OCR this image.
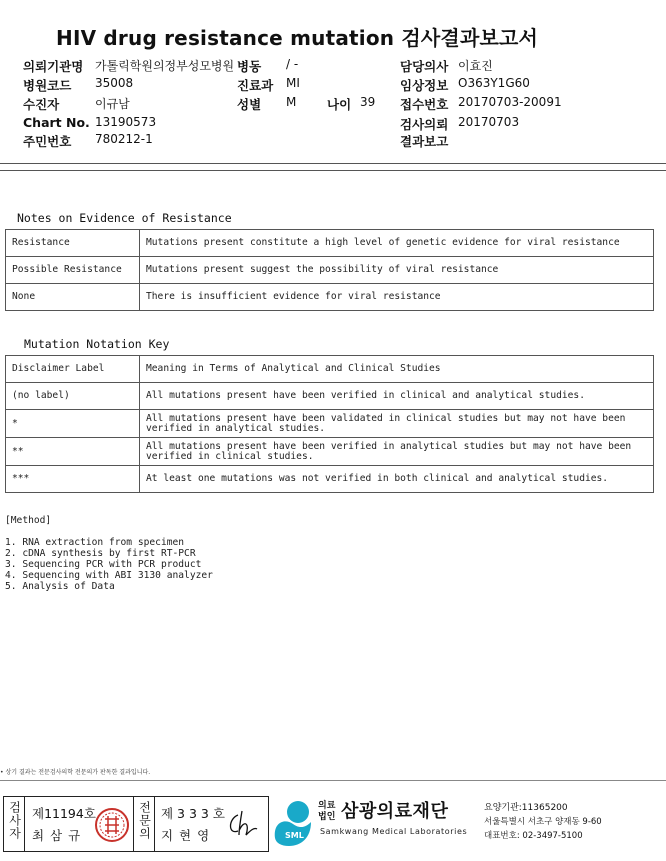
HIV drug resistance mutation 검사결과보고서
의뢰기관명 가톨릭학원의정부성모병원 병동 / -	담당의사 이효진
병원코드 35008	진료과 MI	임상정보 O363Y1G60
수진자	이규남	성별 M 나이 39 접수번호 20170703-20091
Chart No. 13190573	검사의뢰 20170703
주민번호 780212-1	결과보고
Notes on Evidence of Resistance
Resistance	Mutations present constitute a high level of genetic evidence for viral resistance
Possible Resistance	Mutations present suggest the possibility of viral resistance
None	There is insufficient evidence for viral resistance
Mutation Notation Key
Disclaimer Label	Meaning in Terms of Analytical and Clinical Studies
(no label)	All mutations present have been verified in clinical and analytical studies.
*	All mutations present have been validated in clinical studies but may not have been verified in analytical studies.
**	All mutations present have been verified in analytical studies but may not have been verified in clinical studies.
***	At least one mutations was not verified in both clinical and analytical studies.
[Method]
1. RNA extraction from specimen
2. cDNA synthesis by first RT-PCR
3. Sequencing PCR with PCR product
4. Sequencing with ABI 3130 analyzer
5. Analysis of Data
• 상기 결과는 전문검사의학 전문의가 판독한 결과입니다.
검사자 제11194호
최 삼 규	전문의 제 3 3 3 호
지 현 영	SML
의료
법인 삼광의료재단
Samkwang Medical Laboratories
요양기관:11365200
서울특별시 서초구 양재동 9-60
대표번호: 02-3497-5100
